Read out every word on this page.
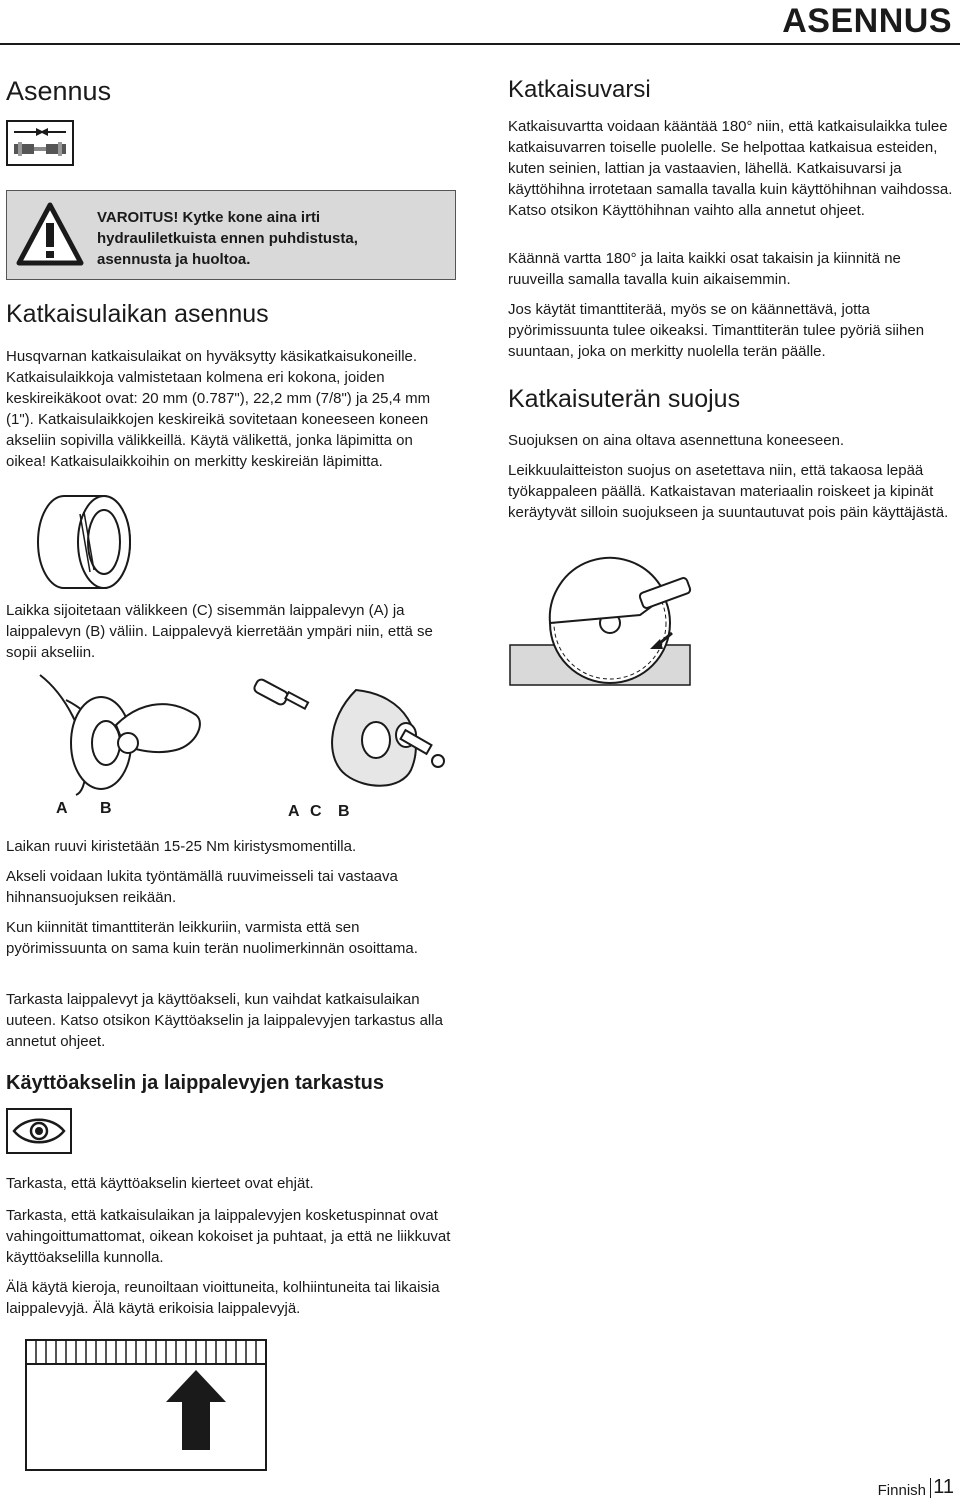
ASENNUS
Asennus
VAROITUS! Kytke kone aina irti hydrauliletkuista ennen puhdistusta, asennusta ja huoltoa.
Katkaisulaikan asennus

Husqvarnan katkaisulaikat on hyväksytty käsikatkaisukoneille. Katkaisulaikkoja valmistetaan kolmena eri kokona, joiden keskireikäkoot ovat: 20 mm (0.787"), 22,2 mm (7/8") ja 25,4 mm (1"). Katkaisulaikkojen keskireikä sovitetaan koneeseen koneen akseliin sopivilla välikkeillä. Käytä välikettä, jonka läpimitta on oikea! Katkaisulaikkoihin on merkitty keskireiän läpimitta.

Laikka sijoitetaan välikkeen (C) sisemmän laippalevyn (A) ja laippalevyn (B) väliin. Laippalevyä kierretään ympäri niin, että se sopii akseliin.

A B	A C B

Laikan ruuvi kiristetään 15-25 Nm kiristysmomentilla.

Akseli voidaan lukita työntämällä ruuvimeisseli tai vastaava hihnansuojuksen reikään.

Kun kiinnität timanttiterän leikkuriin, varmista että sen pyörimissuunta on sama kuin terän nuolimerkinnän osoittama.

Tarkasta laippalevyt ja käyttöakseli, kun vaihdat katkaisulaikan uuteen. Katso otsikon Käyttöakselin ja laippalevyjen tarkastus alla annetut ohjeet.

Käyttöakselin ja laippalevyjen tarkastus

Tarkasta, että käyttöakselin kierteet ovat ehjät.

Tarkasta, että katkaisulaikan ja laippalevyjen kosketuspinnat ovat vahingoittumattomat, oikean kokoiset ja puhtaat, ja että ne liikkuvat käyttöakselilla kunnolla.

Älä käytä kieroja, reunoiltaan vioittuneita, kolhiintuneita tai likaisia laippalevyjä. Älä käytä erikoisia laippalevyjä.

Katkaisuvarsi

Katkaisuvartta voidaan kääntää 180° niin, että katkaisulaikka tulee katkaisuvarren toiselle puolelle. Se helpottaa katkaisua esteiden, kuten seinien, lattian ja vastaavien, lähellä. Katkaisuvarsi ja käyttöhihna irrotetaan samalla tavalla kuin käyttöhihnan vaihdossa. Katso otsikon Käyttöhihnan vaihto alla annetut ohjeet.

Käännä vartta 180° ja laita kaikki osat takaisin ja kiinnitä ne ruuveilla samalla tavalla kuin aikaisemmin.

Jos käytät timanttiterää, myös se on käännettävä, jotta pyörimissuunta tulee oikeaksi. Timanttiterän tulee pyöriä siihen suuntaan, joka on merkitty nuolella terän päälle.

Katkaisuterän suojus

Suojuksen on aina oltava asennettuna koneeseen.

Leikkuulaitteiston suojus on asetettava niin, että takaosa lepää työkappaleen päällä. Katkaistavan materiaalin roiskeet ja kipinät keräytyvät silloin suojukseen ja suuntautuvat pois päin käyttäjästä.

Finnish 11
